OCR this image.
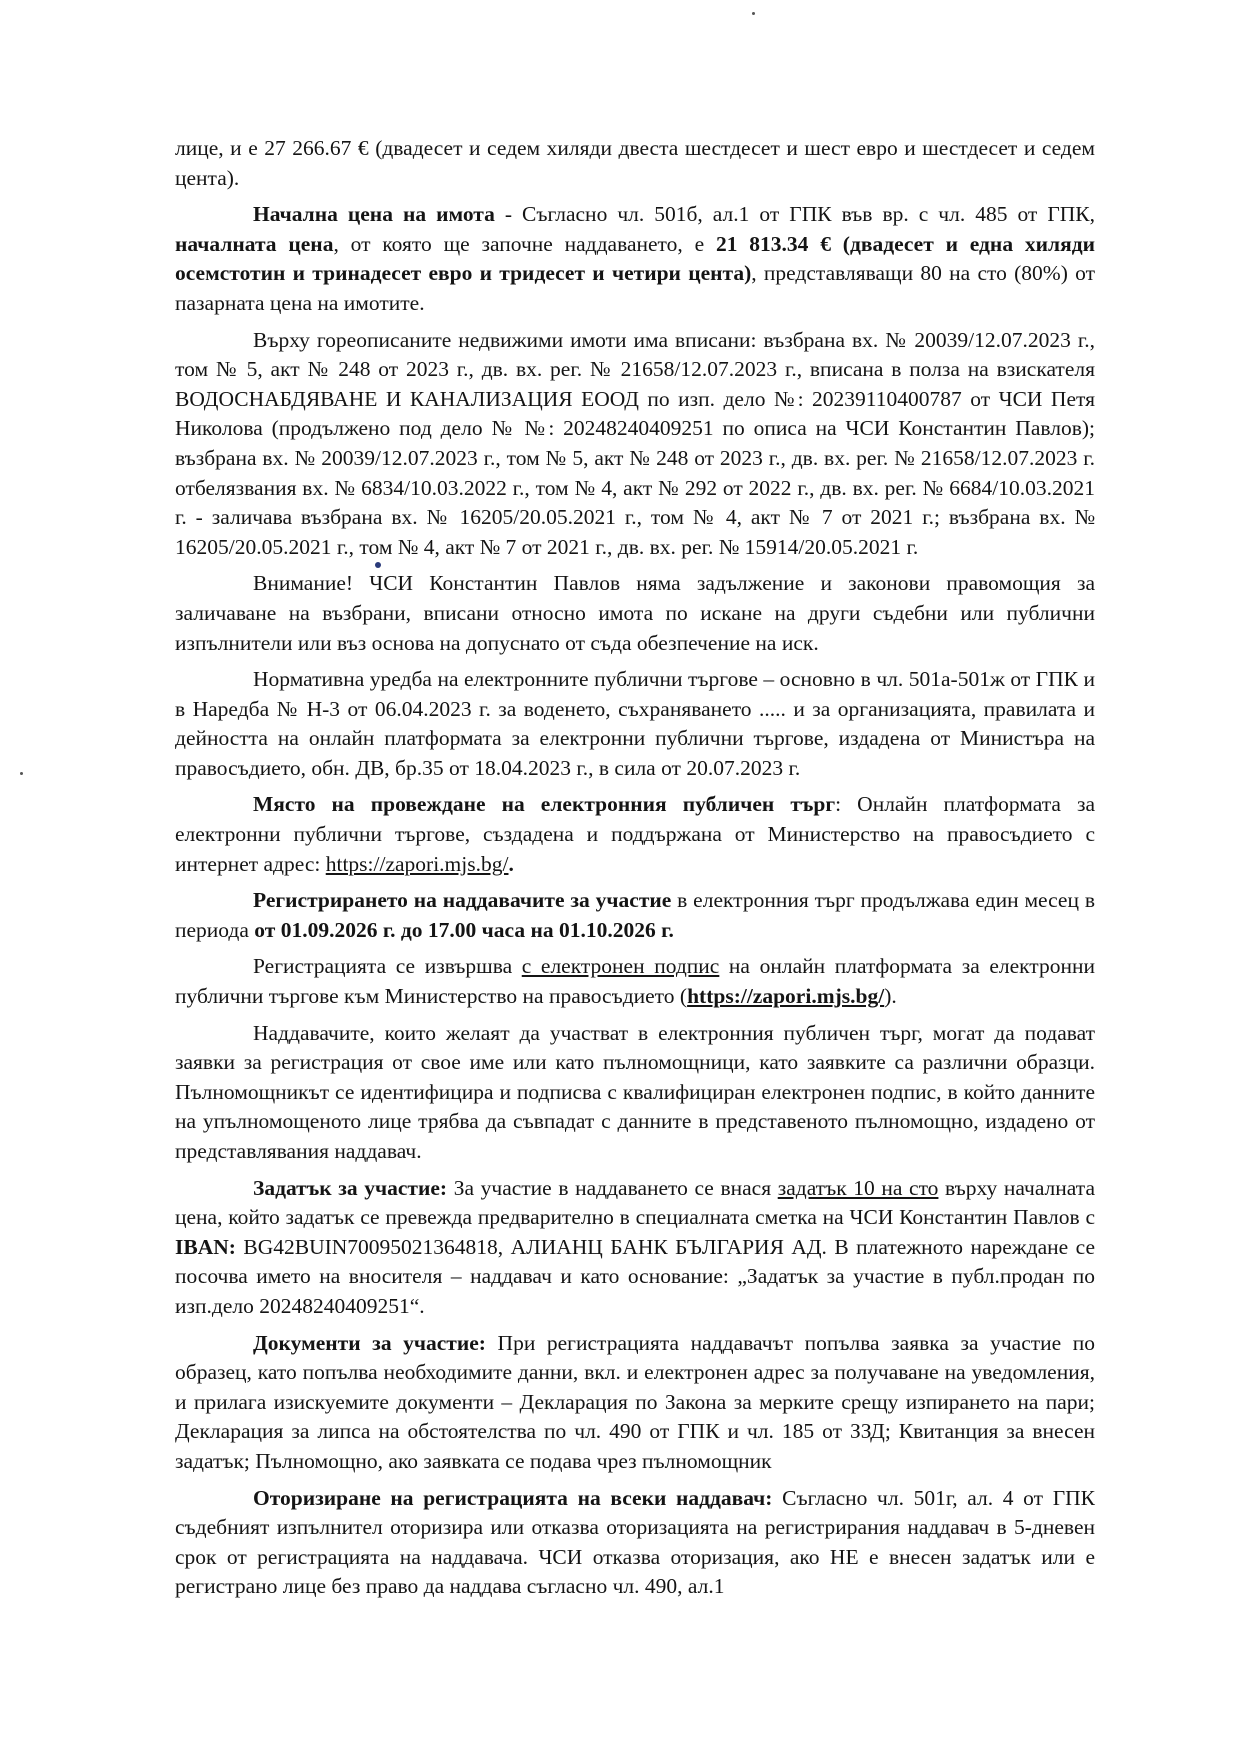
лице, и е 27 266.67 € (двадесет и седем хиляди двеста шестдесет и шест евро и шестдесет и седем цента).

Начална цена на имота - Съгласно чл. 501б, ал.1 от ГПК във вр. с чл. 485 от ГПК, началната цена, от която ще започне наддаването, е 21 813.34 € (двадесет и една хиляди осемстотин и тринадесет евро и тридесет и четири цента), представляващи 80 на сто (80%) от пазарната цена на имотите.

Върху гореописаните недвижими имоти има вписани: възбрана вх. № 20039/12.07.2023 г., том № 5, акт № 248 от 2023 г., дв. вх. рег. № 21658/12.07.2023 г., вписана в полза на взискателя ВОДОСНАБДЯВАНЕ И КАНАЛИЗАЦИЯ ЕООД по изп. дело №: 20239110400787 от ЧСИ Петя Николова (продължено под дело № №: 20248240409251 по описа на ЧСИ Константин Павлов); възбрана вх. № 20039/12.07.2023 г., том № 5, акт № 248 от 2023 г., дв. вх. рег. № 21658/12.07.2023 г. отбелязвания вх. № 6834/10.03.2022 г., том № 4, акт № 292 от 2022 г., дв. вх. рег. № 6684/10.03.2021 г. - заличава възбрана вх. № 16205/20.05.2021 г., том № 4, акт № 7 от 2021 г.; възбрана вх. № 16205/20.05.2021 г., том № 4, акт № 7 от 2021 г., дв. вх. рег. № 15914/20.05.2021 г.

Внимание! ЧСИ Константин Павлов няма задължение и законови правомощия за заличаване на възбрани, вписани относно имота по искане на други съдебни или публични изпълнители или въз основа на допуснато от съда обезпечение на иск.

Нормативна уредба на електронните публични търгове – основно в чл. 501а-501ж от ГПК и в Наредба № Н-3 от 06.04.2023 г. за воденето, съхраняването ..... и за организацията, правилата и дейността на онлайн платформата за електронни публични търгове, издадена от Министъра на правосъдието, обн. ДВ, бр.35 от 18.04.2023 г., в сила от 20.07.2023 г.

Място на провеждане на електронния публичен търг: Онлайн платформата за електронни публични търгове, създадена и поддържана от Министерство на правосъдието с интернет адрес: https://zapori.mjs.bg/.

Регистрирането на наддавачите за участие в електронния търг продължава един месец в периода от 01.09.2026 г. до 17.00 часа на 01.10.2026 г.

Регистрацията се извършва с електронен подпис на онлайн платформата за електронни публични търгове към Министерство на правосъдието (https://zapori.mjs.bg/).

Наддавачите, които желаят да участват в електронния публичен търг, могат да подават заявки за регистрация от свое име или като пълномощници, като заявките са различни образци. Пълномощникът се идентифицира и подписва с квалифициран електронен подпис, в който данните на упълномощеното лице трябва да съвпадат с данните в представеното пълномощно, издадено от представлявания наддавач.

Задатък за участие: За участие в наддаването се внася задатък 10 на сто върху началната цена, който задатък се превежда предварително в специалната сметка на ЧСИ Константин Павлов с IBAN: BG42BUIN70095021364818, АЛИАНЦ БАНК БЪЛГАРИЯ АД. В платежното нареждане се посочва името на вносителя – наддавач и като основание: „Задатък за участие в публ.продан по изп.дело 20248240409251“.

Документи за участие: При регистрацията наддавачът попълва заявка за участие по образец, като попълва необходимите данни, вкл. и електронен адрес за получаване на уведомления, и прилага изискуемите документи – Декларация по Закона за мерките срещу изпирането на пари; Декларация за липса на обстоятелства по чл. 490 от ГПК и чл. 185 от ЗЗД; Квитанция за внесен задатък; Пълномощно, ако заявката се подава чрез пълномощник

Оторизиране на регистрацията на всеки наддавач: Съгласно чл. 501г, ал. 4 от ГПК съдебният изпълнител оторизира или отказва оторизацията на регистрирания наддавач в 5-дневен срок от регистрацията на наддавача. ЧСИ отказва оторизация, ако НЕ е внесен задатък или е регистрано лице без право да наддава съгласно чл. 490, ал.1
